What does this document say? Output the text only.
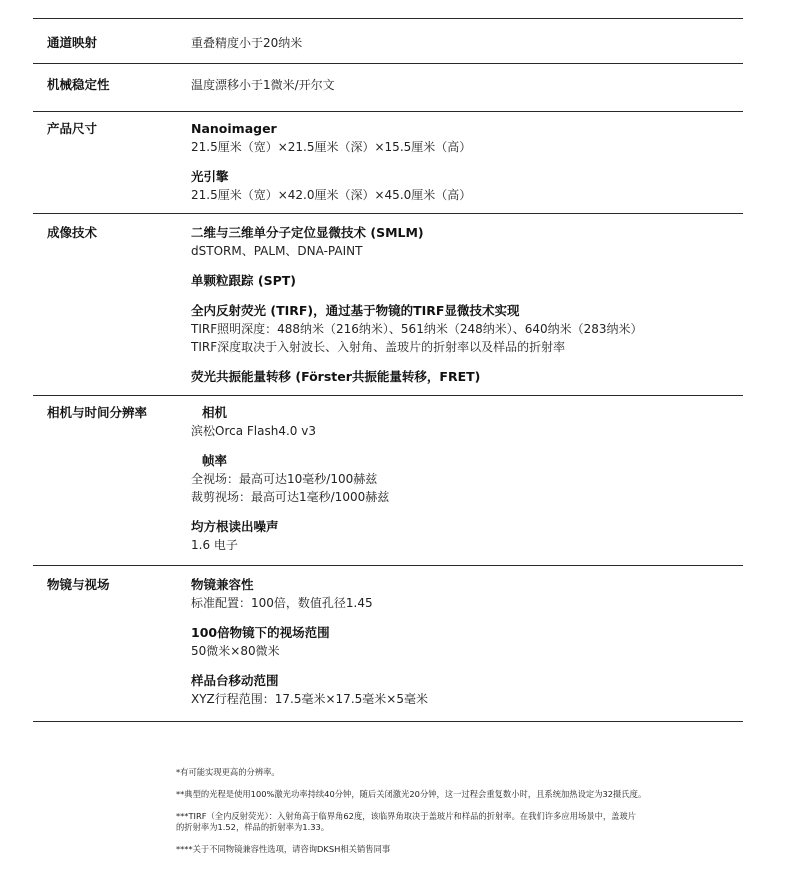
通道映射	重叠精度小于20纳米
机械稳定性	温度漂移小于1微米/开尔文
产品尺寸	Nanoimager
21.5厘米（宽）×21.5厘米（深）×15.5厘米（高）
光引擎
21.5厘米（宽）×42.0厘米（深）×45.0厘米（高）
成像技术	二维与三维单分子定位显微技术 (SMLM)
dSTORM、PALM、DNA-PAINT
单颗粒跟踪 (SPT)
全内反射荧光 (TIRF)，通过基于物镜的TIRF显微技术实现
TIRF照明深度：488纳米（216纳米）、561纳米（248纳米）、640纳米（283纳米）
TIRF深度取决于入射波长、入射角、盖玻片的折射率以及样品的折射率
荧光共振能量转移 (Förster共振能量转移，FRET)
相机与时间分辨率	相机
滨松Orca Flash4.0 v3
帧率
全视场：最高可达10毫秒/100赫兹
裁剪视场：最高可达1毫秒/1000赫兹
均方根读出噪声
1.6 电子
物镜与视场	物镜兼容性
标准配置：100倍，数值孔径1.45
100倍物镜下的视场范围
50微米×80微米
样品台移动范围
XYZ行程范围：17.5毫米×17.5毫米×5毫米
*有可能实现更高的分辨率。
**典型的光程是使用100%激光功率持续40分钟，随后关闭激光20分钟，这一过程会重复数小时，且系统加热设定为32摄氏度。
***TIRF（全内反射荧光）：入射角高于临界角62度，该临界角取决于盖玻片和样品的折射率。在我们许多应用场景中，盖玻片
的折射率为1.52，样品的折射率为1.33。
****关于不同物镜兼容性选项，请咨询DKSH相关销售同事
